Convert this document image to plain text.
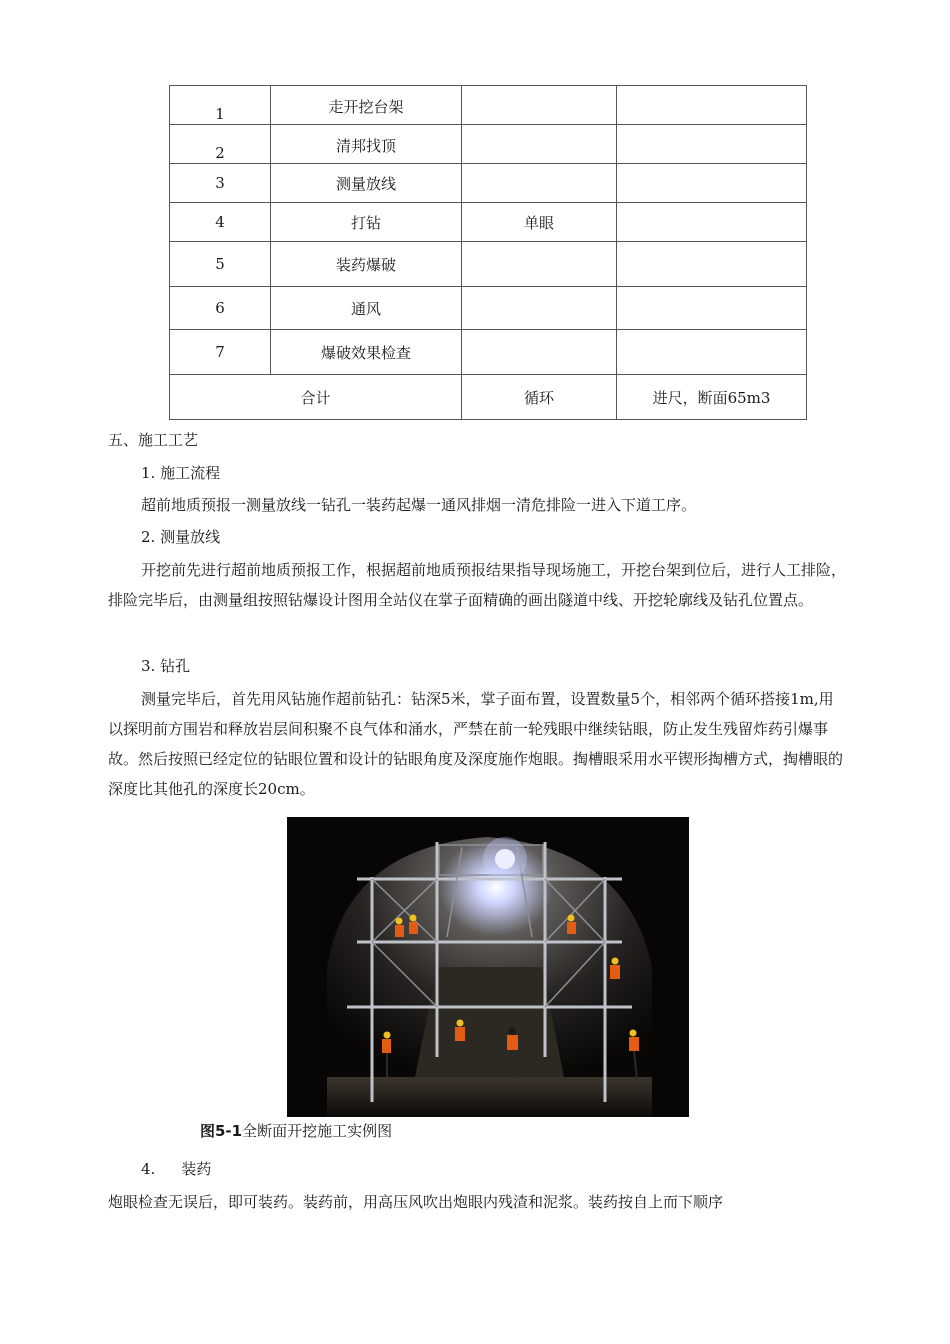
1	走开挖台架		
2	清邦找顶		
3	测量放线		
4	打钻	单眼	
5	装药爆破		
6	通风		
7	爆破效果检查		
合计		循环	进尺，断面65m3

五、施工工艺

1. 施工流程

超前地质预报一测量放线一钻孔一装药起爆一通风排烟一清危排险一进入下道工序。

2. 测量放线

开挖前先进行超前地质预报工作，根据超前地质预报结果指导现场施工，开挖台架到位后，进行人工排险，排险完毕后，由测量组按照钻爆设计图用全站仪在掌子面精确的画出隧道中线、开挖轮廓线及钻孔位置点。

3. 钻孔

测量完毕后，首先用风钻施作超前钻孔：钻深5米，掌子面布置，设置数量5个，相邻两个循环搭接1m,用以探明前方围岩和释放岩层间积聚不良气体和涌水，严禁在前一轮残眼中继续钻眼，防止发生残留炸药引爆事故。然后按照已经定位的钻眼位置和设计的钻眼角度及深度施作炮眼。掏槽眼采用水平锲形掏槽方式，掏槽眼的深度比其他孔的深度长20cm。

图5-1全断面开挖施工实例图
4. 装药

炮眼检查无误后，即可装药。装药前，用高压风吹出炮眼内残渣和泥浆。装药按自上而下顺序
